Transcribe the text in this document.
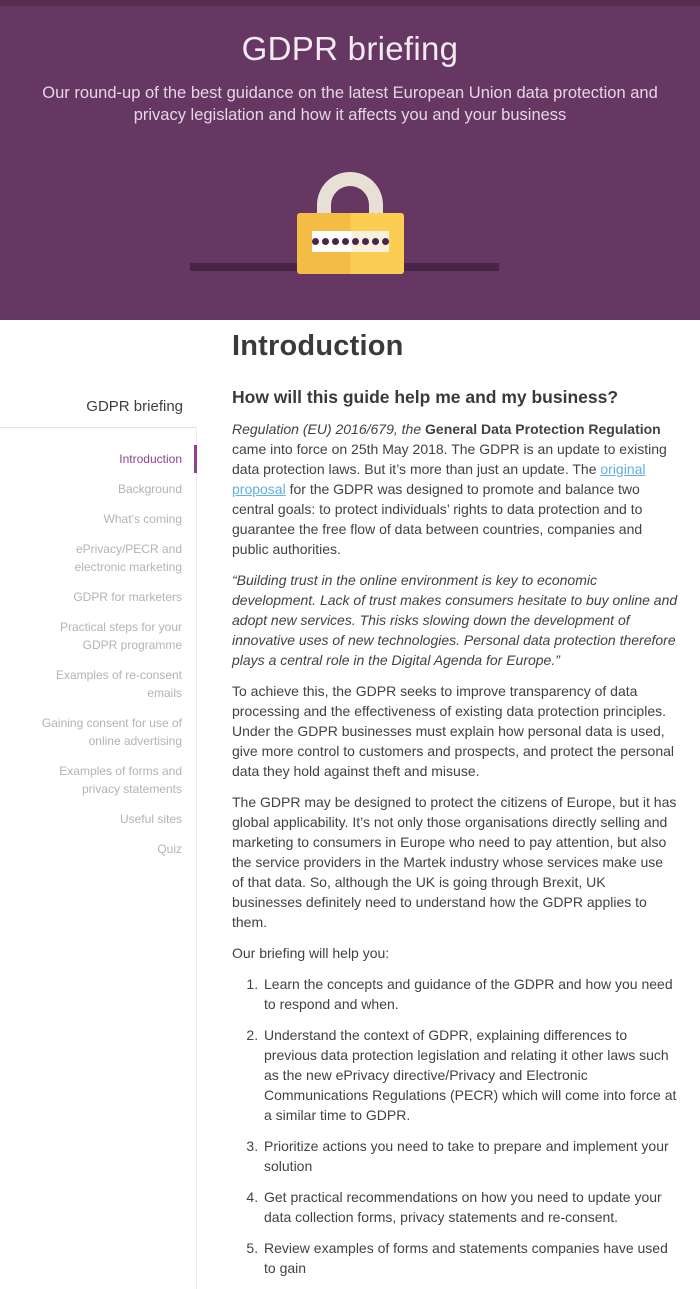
GDPR briefing
Our round-up of the best guidance on the latest European Union data protection and privacy legislation and how it affects you and your business
GDPR briefing
Introduction
Background
What’s coming
ePrivacy/PECR and electronic marketing
GDPR for marketers
Practical steps for your GDPR programme
Examples of re-consent emails
Gaining consent for use of online advertising
Examples of forms and privacy statements
Useful sites
Quiz
Introduction
How will this guide help me and my business?

Regulation (EU) 2016/679, the General Data Protection Regulation came into force on 25th May 2018. The GDPR is an update to existing data protection laws. But it’s more than just an update. The original proposal for the GDPR was designed to promote and balance two central goals: to protect individuals’ rights to data protection and to guarantee the free flow of data between countries, companies and public authorities.

“Building trust in the online environment is key to economic development. Lack of trust makes consumers hesitate to buy online and adopt new services. This risks slowing down the development of innovative uses of new technologies. Personal data protection therefore plays a central role in the Digital Agenda for Europe.”

To achieve this, the GDPR seeks to improve transparency of data processing and the effectiveness of existing data protection principles. Under the GDPR businesses must explain how personal data is used, give more control to customers and prospects, and protect the personal data they hold against theft and misuse.

The GDPR may be designed to protect the citizens of Europe, but it has global applicability. It’s not only those organisations directly selling and marketing to consumers in Europe who need to pay attention, but also the service providers in the Martek industry whose services make use of that data. So, although the UK is going through Brexit, UK businesses definitely need to understand how the GDPR applies to them.

Our briefing will help you:

1. Learn the concepts and guidance of the GDPR and how you need to respond and when.
2. Understand the context of GDPR, explaining differences to previous data protection legislation and relating it other laws such as the new ePrivacy directive/Privacy and Electronic Communications Regulations (PECR) which will come into force at a similar time to GDPR.
3. Prioritize actions you need to take to prepare and implement your solution
4. Get practical recommendations on how you need to update your data collection forms, privacy statements and re-consent.
5. Review examples of forms and statements companies have used to gain
